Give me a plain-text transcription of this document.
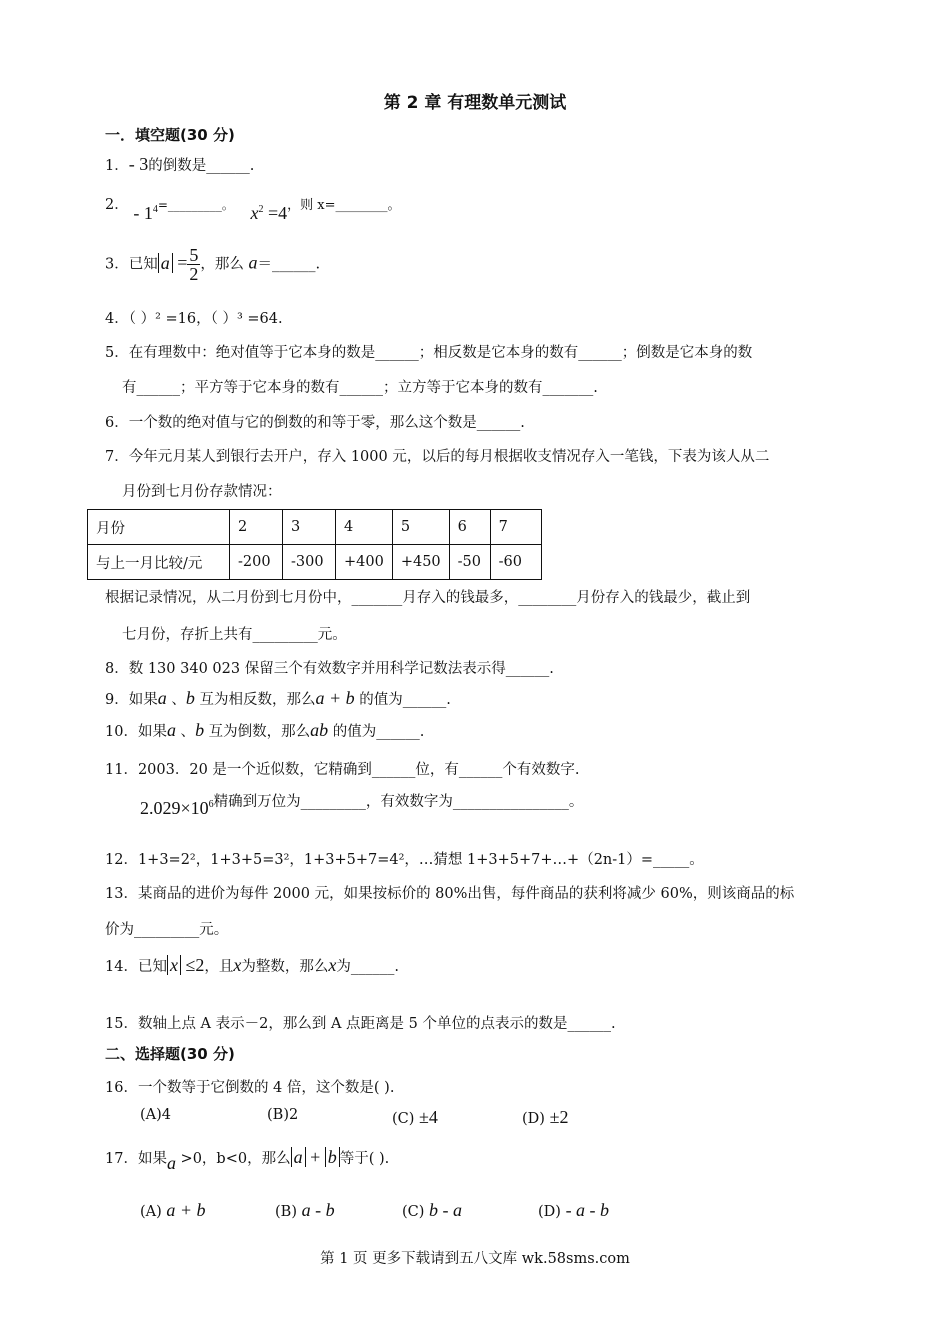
第 2 章 有理数单元测试
一．填空题(30 分)
1．- 3的倒数是______.
2． - $1^4=\_\_\_\_\_\_\_\_\_$。 $x^2 =4$，则 x=________。
3．已知 $a = \frac{5}{2}$ ，那么 a＝______.
4．（ ）² =16，（ ）³ =64.
5．在有理数中：绝对值等于它本身的数是______；相反数是它本身的数有______；倒数是它本身的数
有______；平方等于它本身的数有______；立方等于它本身的数有_______.
6．一个数的绝对值与它的倒数的和等于零，那么这个数是______.
7．今年元月某人到银行去开户，存入 1000 元，以后的每月根据收支情况存入一笔钱，下表为该人从二
月份到七月份存款情况：
月份	2	3	4	5	6	7
与上一月比较/元	-200	-300	+400	+450	-50	-60
根据记录情况，从二月份到七月份中，_______月存入的钱最多，________月份存入的钱最少，截止到
七月份，存折上共有_________元。
8．数 130 340 023 保留三个有效数字并用科学记数法表示得______.
9．如果a 、b 互为相反数，那么a + b 的值为______.
10．如果a 、b 互为倒数，那么ab 的值为______.
11．2003．20 是一个近似数，它精确到______位，有______个有效数字.
$2.029\times 10^6$精确到万位为_________，有效数字为________________。
12．1+3=2²，1+3+5=3²，1+3+5+7=4²，…猜想 1+3+5+7+…+（2n-1）=_____。
13．某商品的进价为每件 2000 元，如果按标价的 80%出售，每件商品的获利将减少 60%，则该商品的标
价为_________元。
14．已知 x ≤2，且x为整数，那么x为______.
15．数轴上点 A 表示－2，那么到 A 点距离是 5 个单位的点表示的数是______.
二、选择题(30 分)
16．一个数等于它倒数的 4 倍，这个数是( ).
(A)4	(B)2	(C) ±4	(D) ±2
17．如果a >0，b<0，那么 a + b 等于( ).
(A) a + b	(B) a - b	(C) b - a	(D) - a - b
第 1 页 更多下载请到五八文库 wk.58sms.com
